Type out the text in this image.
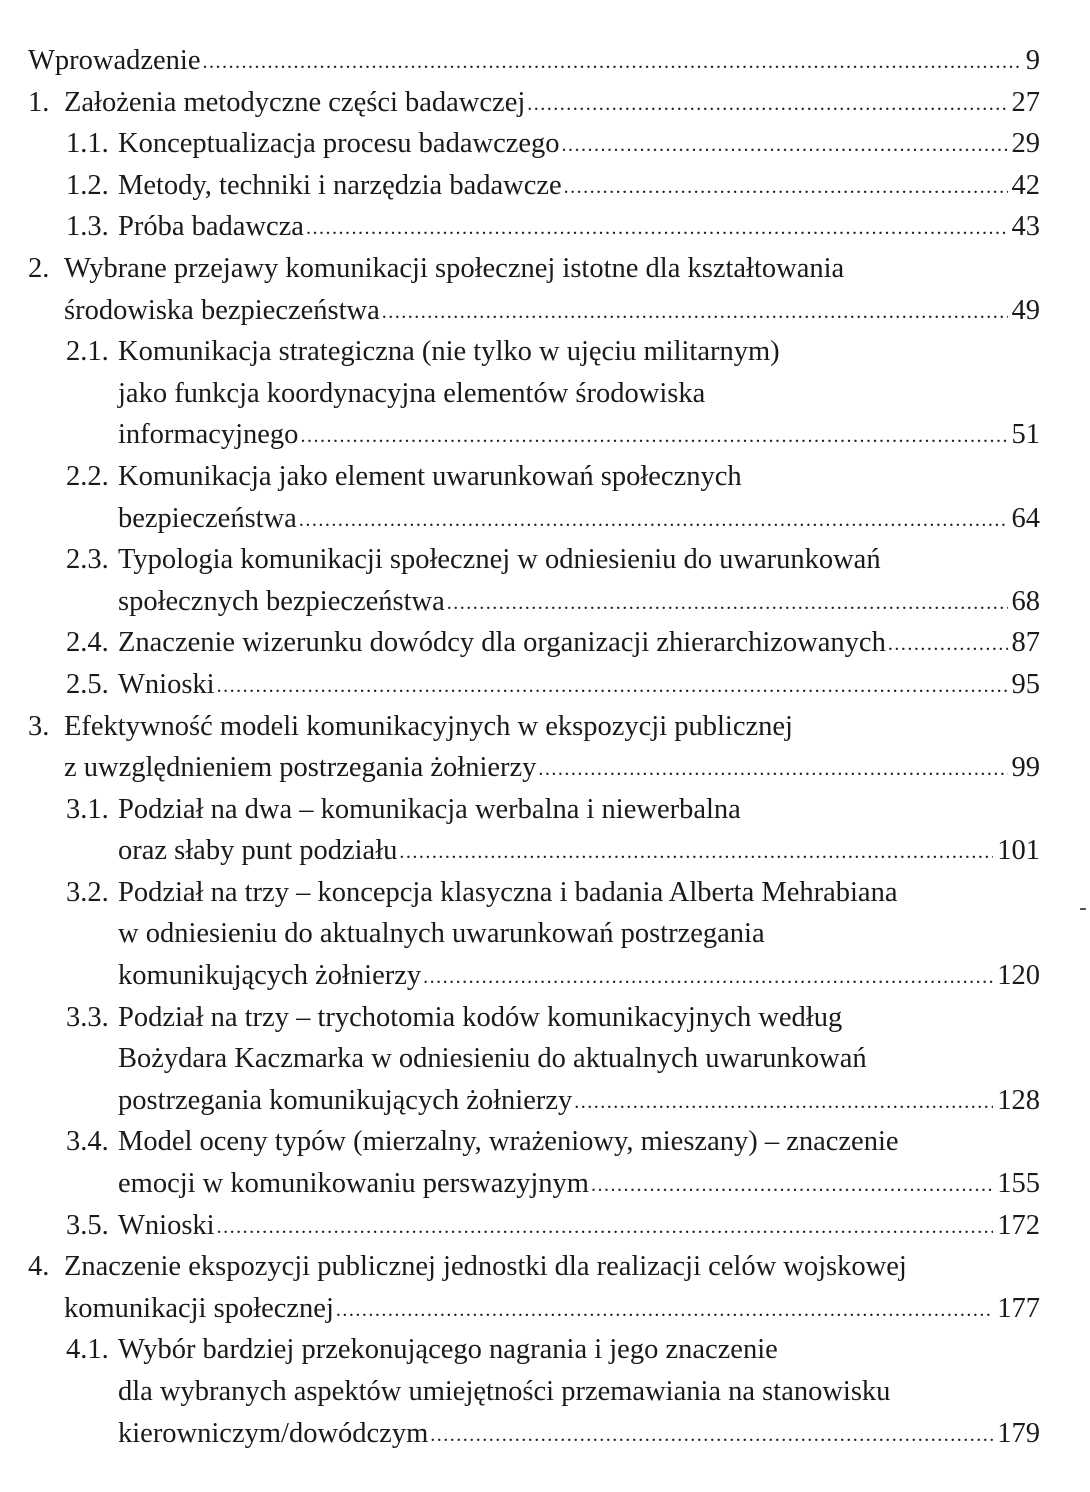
Wprowadzenie .....	9
1. Założenia metodyczne części badawczej .....	27
1.1. Konceptualizacja procesu badawczego .....	29
1.2. Metody, techniki i narzędzia badawcze .....	42
1.3. Próba badawcza .....	43
2. Wybrane przejawy komunikacji społecznej istotne dla kształtowania
środowiska bezpieczeństwa .....	49
2.1. Komunikacja strategiczna (nie tylko w ujęciu militarnym)
jako funkcja koordynacyjna elementów środowiska
informacyjnego .....	51
2.2. Komunikacja jako element uwarunkowań społecznych
bezpieczeństwa .....	64
2.3. Typologia komunikacji społecznej w odniesieniu do uwarunkowań
społecznych bezpieczeństwa .....	68
2.4. Znaczenie wizerunku dowódcy dla organizacji zhierarchizowanych .....	87
2.5. Wnioski .....	95
3. Efektywność modeli komunikacyjnych w ekspozycji publicznej
z uwzględnieniem postrzegania żołnierzy .....	99
3.1. Podział na dwa – komunikacja werbalna i niewerbalna
oraz słaby punt podziału .....	101
3.2. Podział na trzy – koncepcja klasyczna i badania Alberta Mehrabiana
w odniesieniu do aktualnych uwarunkowań postrzegania
komunikujących żołnierzy .....	120
3.3. Podział na trzy – trychotomia kodów komunikacyjnych według
Bożydara Kaczmarka w odniesieniu do aktualnych uwarunkowań
postrzegania komunikujących żołnierzy .....	128
3.4. Model oceny typów (mierzalny, wrażeniowy, mieszany) – znaczenie
emocji w komunikowaniu perswazyjnym .....	155
3.5. Wnioski .....	172
4. Znaczenie ekspozycji publicznej jednostki dla realizacji celów wojskowej
komunikacji społecznej .....	177
4.1. Wybór bardziej przekonującego nagrania i jego znaczenie
dla wybranych aspektów umiejętności przemawiania na stanowisku
kierowniczym/dowódczym .....	179
